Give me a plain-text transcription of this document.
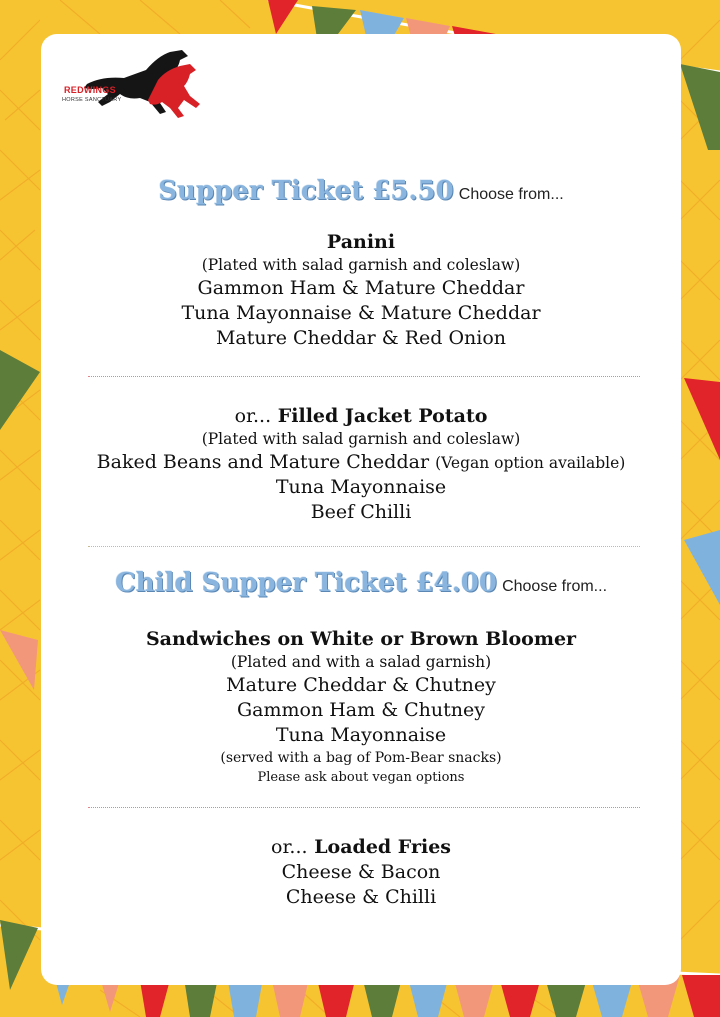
REDWINGS
HORSE SANCTUARY
Supper Ticket £5.50 Choose from...
Panini
(Plated with salad garnish and coleslaw)
Gammon Ham & Mature Cheddar
Tuna Mayonnaise & Mature Cheddar
Mature Cheddar & Red Onion
or... Filled Jacket Potato
(Plated with salad garnish and coleslaw)
Baked Beans and Mature Cheddar (Vegan option available)
Tuna Mayonnaise
Beef Chilli
Child Supper Ticket £4.00 Choose from...
Sandwiches on White or Brown Bloomer
(Plated and with a salad garnish)
Mature Cheddar & Chutney
Gammon Ham & Chutney
Tuna Mayonnaise
(served with a bag of Pom-Bear snacks)
Please ask about vegan options
or... Loaded Fries
Cheese & Bacon
Cheese & Chilli
